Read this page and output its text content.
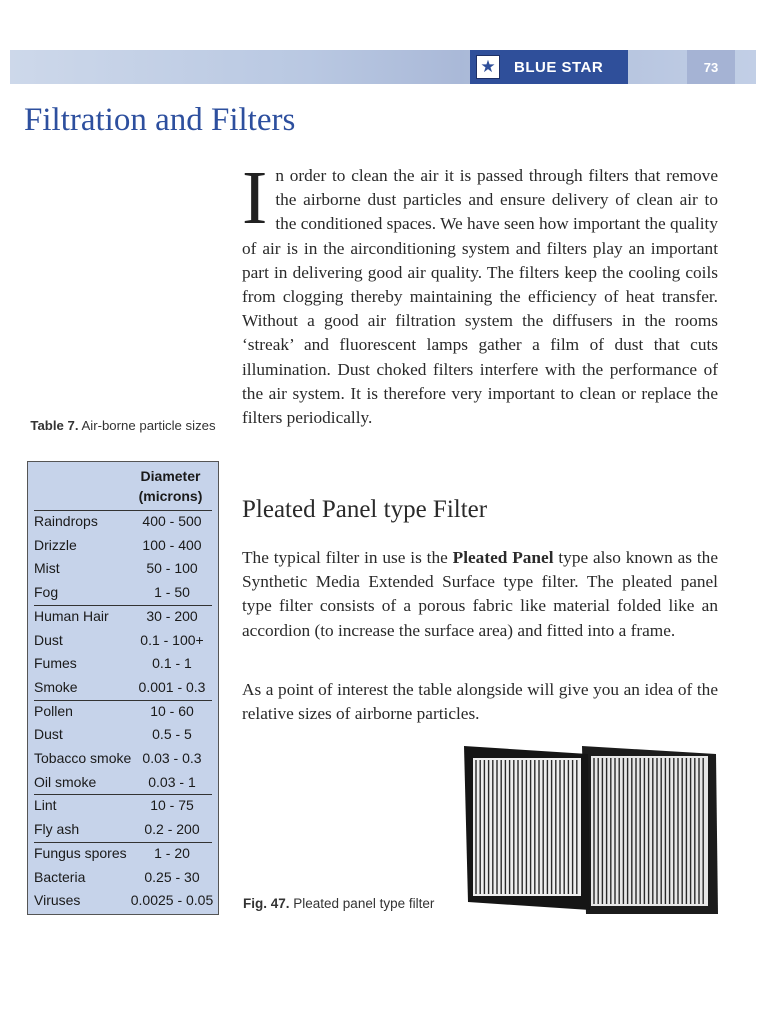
★ BLUE STAR	73
Filtration and Filters

In order to clean the air it is passed through filters that remove the airborne dust particles and ensure delivery of clean air to the conditioned spaces. We have seen how important the quality of air is in the airconditioning system and filters play an important part in delivering good air quality. The filters keep the cooling coils from clogging thereby maintaining the efficiency of heat transfer. Without a good air filtration system the diffusers in the rooms ‘streak’ and fluorescent lamps gather a film of dust that cuts illumination. Dust choked filters interfere with the performance of the air system. It is therefore very important to clean or replace the filters periodically.

Table 7. Air-borne particle sizes
Diameter
(microns)
Raindrops	400 - 500
Drizzle	100 - 400
Mist	50 - 100
Fog	1 - 50
Human Hair	30 - 200
Dust	0.1 - 100+
Fumes	0.1 - 1
Smoke	0.001 - 0.3
Pollen	10 - 60
Dust	0.5 - 5
Tobacco smoke 0.03 - 0.3
Oil smoke	0.03 - 1
Lint	10 - 75
Fly ash	0.2 - 200
Fungus spores	1 - 20
Bacteria	0.25 - 30
Viruses	0.0025 - 0.05
Pleated Panel type Filter

The typical filter in use is the Pleated Panel type also known as the Synthetic Media Extended Surface type filter. The pleated panel type filter consists of a porous fabric like material folded like an accordion (to increase the surface area) and fitted into a frame.

As a point of interest the table alongside will give you an idea of the relative sizes of airborne particles.

Fig. 47. Pleated panel type filter
